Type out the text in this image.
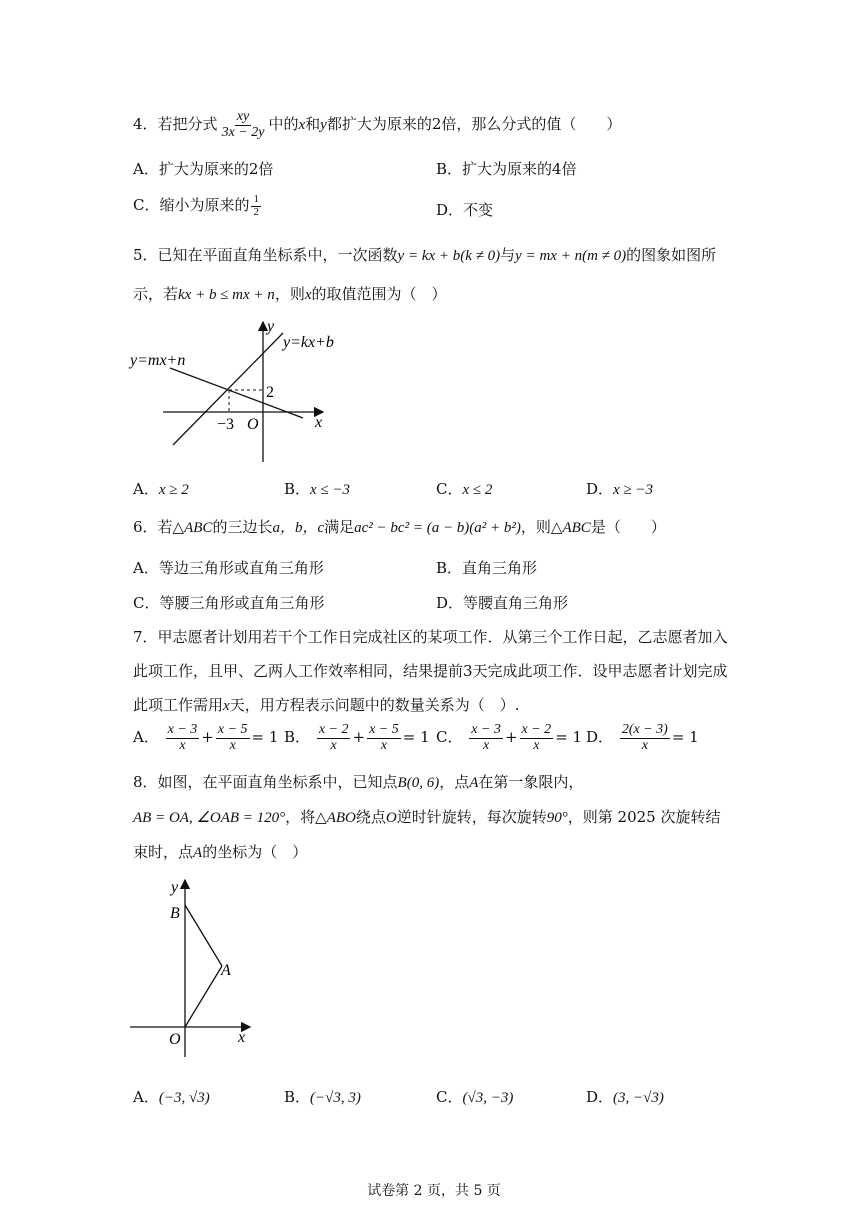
4．若把分式 $\frac{xy}{3x - 2y}$ 中的x和y都扩大为原来的2倍，那么分式的值（　　）
A．扩大为原来的2倍	B．扩大为原来的4倍
C．缩小为原来的 $\frac{1}{2}$	D．不变
5．已知在平面直角坐标系中，一次函数y = kx + b(k ≠ 0)与y = mx + n(m ≠ 0)的图象如图所
示，若kx + b ≤ mx + n，则x的取值范围为（　）
y
x
O
y=kx+b
y=mx+n
2
−3
A．x ≥ 2	B．x ≤ −3	C．x ≤ 2	D．x ≥ −3
6．若△ABC的三边长a，b，c满足ac² − bc² = (a − b)(a² + b²)，则△ABC是（　　）
A．等边三角形或直角三角形	B．直角三角形
C．等腰三角形或直角三角形	D．等腰直角三角形
7．甲志愿者计划用若干个工作日完成社区的某项工作．从第三个工作日起，乙志愿者加入
此项工作，且甲、乙两人工作效率相同，结果提前3天完成此项工作．设甲志愿者计划完成
此项工作需用x天，用方程表示问题中的数量关系为（　）.
A． $\frac{x - 3}{x} + \frac{x - 5}{x} = 1$ B． $\frac{x - 2}{x} + \frac{x - 5}{x} = 1$ C． $\frac{x - 3}{x} + \frac{x - 2}{x} = 1$ D． $\frac{2(x - 3)}{x} = 1$
8．如图，在平面直角坐标系中，已知点B(0, 6)，点A在第一象限内，
AB = OA, ∠OAB = 120°，将△ABO绕点O逆时针旋转，每次旋转90°，则第 2025 次旋转结
束时，点A的坐标为（　）
y
B
A
O	x
A．(−3, √3)	B．(−√3, 3)	C．(√3, −3)	D．(3, −√3)
试卷第 2 页，共 5 页
